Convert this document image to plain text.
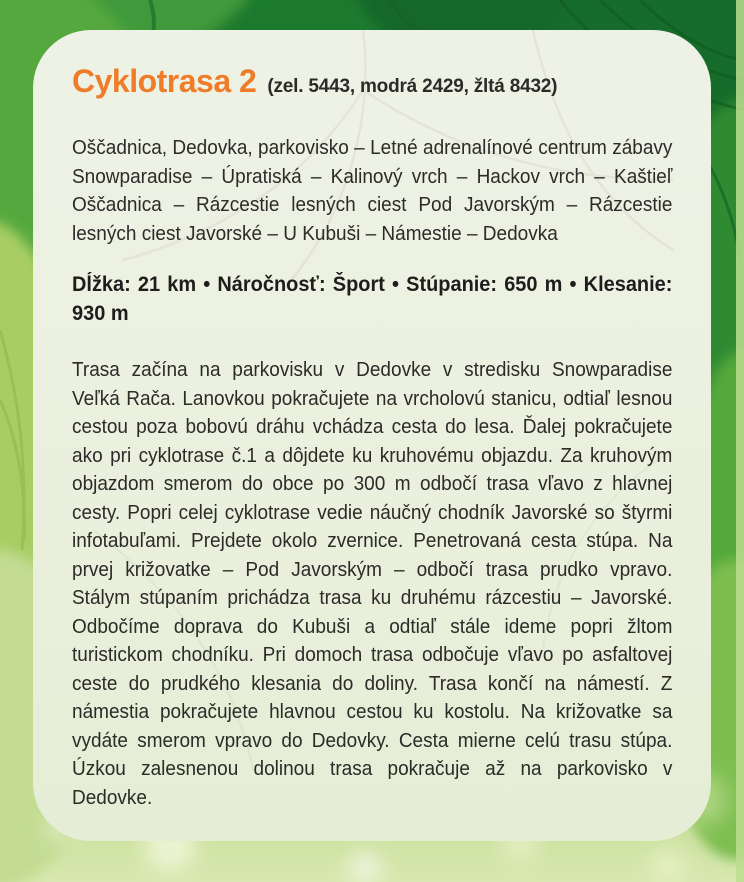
Cyklotrasa 2 (zel. 5443, modrá 2429, žltá 8432)

Oščadnica, Dedovka, parkovisko – Letné adrenalínové centrum zábavy Snowparadise – Úpratiská – Kalinový vrch – Hackov vrch – Kaštieľ Oščadnica – Rázcestie lesných ciest Pod Javorským – Rázcestie lesných ciest Javorské – U Kubuši – Námestie – Dedovka

Dĺžka: 21 km • Náročnosť: Šport • Stúpanie: 650 m • Klesanie: 930 m

Trasa začína na parkovisku v Dedovke v stredisku Snowparadise Veľká Rača. Lanovkou pokračujete na vrcholovú stanicu, odtiaľ lesnou cestou poza bobovú dráhu vchádza cesta do lesa. Ďalej pokračujete ako pri cyklotrase č.1 a dôjdete ku kruhovému objazdu. Za kruhovým objazdom smerom do obce po 300 m odbočí trasa vľavo z hlavnej cesty. Popri celej cyklotrase vedie náučný chodník Javorské so štyrmi infotabuľami. Prejdete okolo zvernice. Penetrovaná cesta stúpa. Na prvej križovatke – Pod Javorským – odbočí trasa prudko vpravo. Stálym stúpaním prichádza trasa ku druhému rázcestiu – Javorské. Odbočíme doprava do Kubuši a odtiaľ stále ideme popri žltom turistickom chodníku. Pri domoch trasa odbočuje vľavo po asfaltovej ceste do prudkého klesania do doliny. Trasa končí na námestí. Z námestia pokračujete hlavnou cestou ku kostolu. Na križovatke sa vydáte smerom vpravo do Dedovky. Cesta mierne celú trasu stúpa. Úzkou zalesnenou dolinou trasa pokračuje až na parkovisko v Dedovke.
